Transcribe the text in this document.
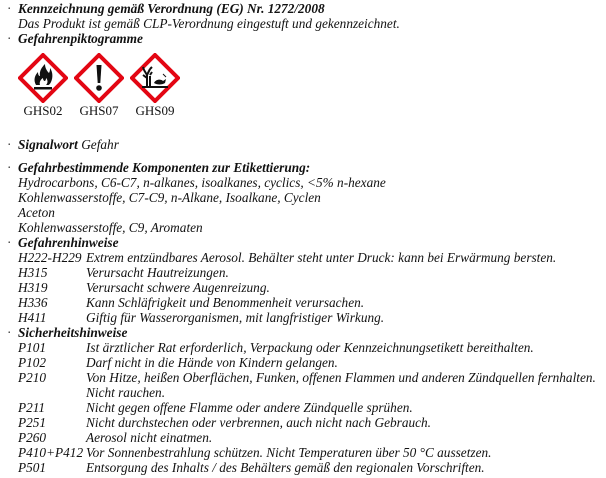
· Kennzeichnung gemäß Verordnung (EG) Nr. 1272/2008
Das Produkt ist gemäß CLP-Verordnung eingestuft und gekennzeichnet.
· Gefahrenpiktogramme
GHS02 GHS07 GHS09
· Signalwort Gefahr
· Gefahrbestimmende Komponenten zur Etikettierung:
Hydrocarbons, C6-C7, n-alkanes, isoalkanes, cyclics, <5% n-hexane
Kohlenwasserstoffe, C7-C9, n-Alkane, Isoalkane, Cyclen
Aceton
Kohlenwasserstoffe, C9, Aromaten
· Gefahrenhinweise
H222-H229 Extrem entzündbares Aerosol. Behälter steht unter Druck: kann bei Erwärmung bersten.
H315	Verursacht Hautreizungen.
H319	Verursacht schwere Augenreizung.
H336	Kann Schläfrigkeit und Benommenheit verursachen.
H411	Giftig für Wasserorganismen, mit langfristiger Wirkung.
· Sicherheitshinweise
P101	Ist ärztlicher Rat erforderlich, Verpackung oder Kennzeichnungsetikett bereithalten.
P102	Darf nicht in die Hände von Kindern gelangen.
P210	Von Hitze, heißen Oberflächen, Funken, offenen Flammen und anderen Zündquellen fernhalten.
Nicht rauchen.
P211	Nicht gegen offene Flamme oder andere Zündquelle sprühen.
P251	Nicht durchstechen oder verbrennen, auch nicht nach Gebrauch.
P260	Aerosol nicht einatmen.
P410+P412 Vor Sonnenbestrahlung schützen. Nicht Temperaturen über 50 °C aussetzen.
P501	Entsorgung des Inhalts / des Behälters gemäß den regionalen Vorschriften.
